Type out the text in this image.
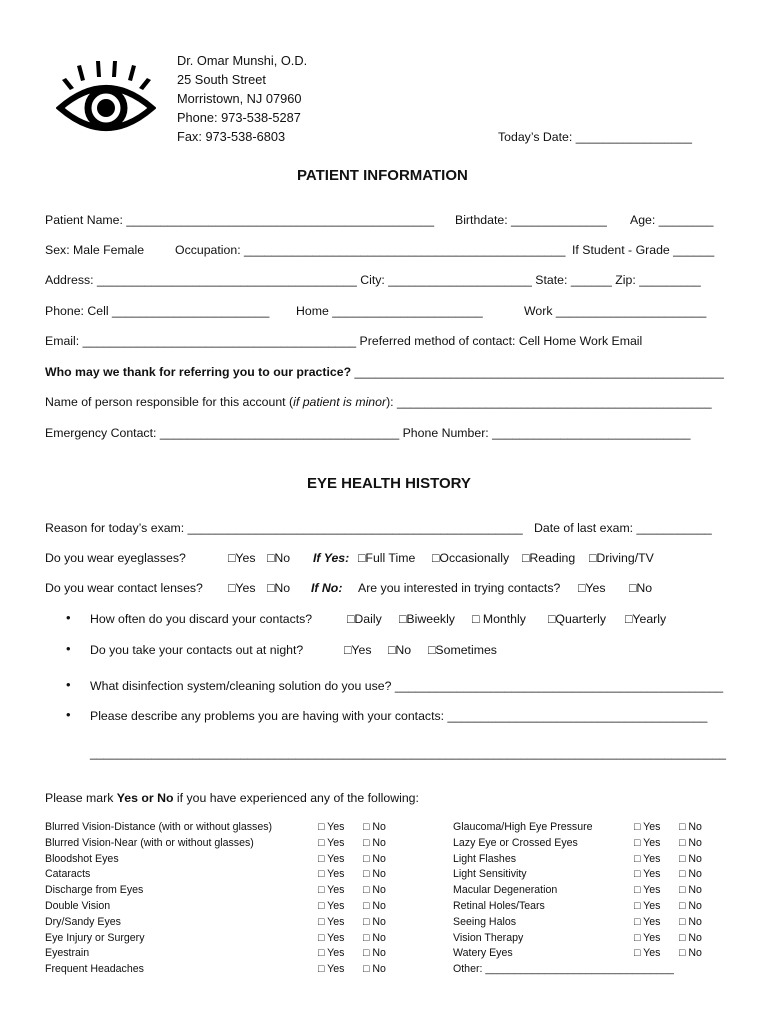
Dr. Omar Munshi, O.D.
25 South Street
Morristown, NJ 07960
Phone: 973-538-5287
Fax: 973-538-6803	Today’s Date: _________________
PATIENT INFORMATION
Patient Name: _____________________________________________ Birthdate: ______________ Age: ________
Sex: Male Female	Occupation: _______________________________________________ If Student - Grade ______
Address: ______________________________________ City: _____________________ State: ______ Zip: _________
Phone: Cell _______________________ Home ______________________	Work ______________________
Email: ________________________________________ Preferred method of contact: Cell Home Work Email
Who may we thank for referring you to our practice? ______________________________________________________
Name of person responsible for this account (if patient is minor): ______________________________________________
Emergency Contact: ___________________________________ Phone Number: _____________________________
EYE HEALTH HISTORY
Reason for today’s exam: _________________________________________________ Date of last exam: ___________
Do you wear eyeglasses?	□Yes □No If Yes: □Full Time □Occasionally □Reading □Driving/TV
Do you wear contact lenses? □Yes □No If No: Are you interested in trying contacts? □Yes □No
• How often do you discard your contacts?	□Daily □Biweekly □ Monthly □Quarterly □Yearly
• Do you take your contacts out at night?	□Yes □No □Sometimes
• What disinfection system/cleaning solution do you use? ________________________________________________
• Please describe any problems you are having with your contacts: ______________________________________
_____________________________________________________________________________________________
Please mark Yes or No if you have experienced any of the following:
Blurred Vision-Distance (with or without glasses)	□ Yes □ No
Blurred Vision-Near (with or without glasses)	□ Yes □ No
Bloodshot Eyes	□ Yes □ No
Cataracts	□ Yes □ No
Discharge from Eyes	□ Yes □ No
Double Vision	□ Yes □ No
Dry/Sandy Eyes	□ Yes □ No
Eye Injury or Surgery	□ Yes □ No
Eyestrain	□ Yes □ No
Frequent Headaches	□ Yes □ No
Glaucoma/High Eye Pressure	□ Yes □ No
Lazy Eye or Crossed Eyes	□ Yes □ No
Light Flashes	□ Yes □ No
Light Sensitivity	□ Yes □ No
Macular Degeneration	□ Yes □ No
Retinal Holes/Tears	□ Yes □ No
Seeing Halos	□ Yes □ No
Vision Therapy	□ Yes □ No
Watery Eyes	□ Yes □ No
Other: ________________________________
